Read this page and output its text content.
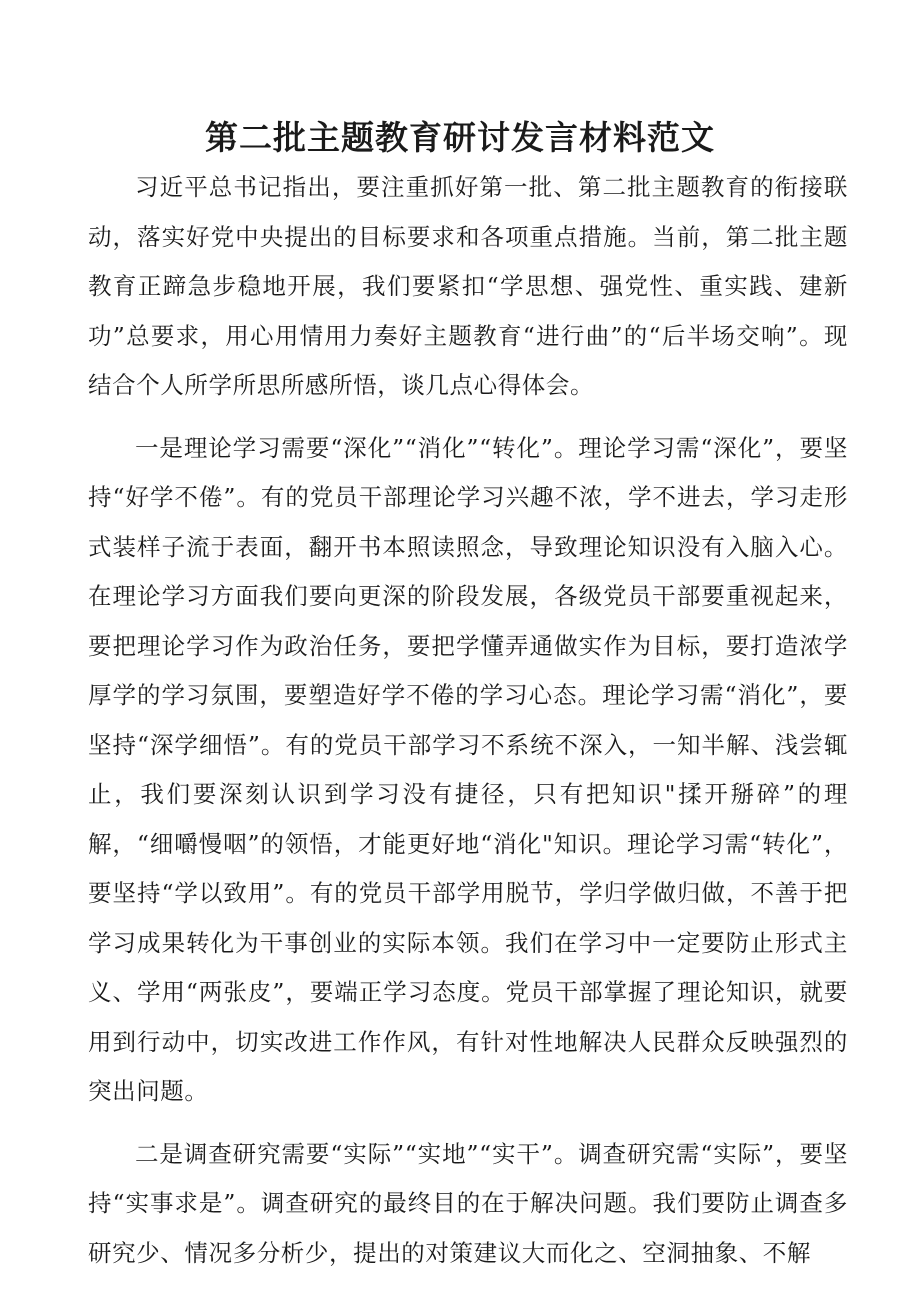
第二批主题教育研讨发言材料范文

习近平总书记指出，要注重抓好第一批、第二批主题教育的衔接联动，落实好党中央提出的目标要求和各项重点措施。当前，第二批主题教育正蹄急步稳地开展，我们要紧扣“学思想、强党性、重实践、建新功”总要求，用心用情用力奏好主题教育“进行曲”的“后半场交响”。现结合个人所学所思所感所悟，谈几点心得体会。

一是理论学习需要“深化”“消化”“转化”。理论学习需“深化”，要坚持“好学不倦”。有的党员干部理论学习兴趣不浓，学不进去，学习走形式装样子流于表面，翻开书本照读照念，导致理论知识没有入脑入心。在理论学习方面我们要向更深的阶段发展，各级党员干部要重视起来，要把理论学习作为政治任务，要把学懂弄通做实作为目标，要打造浓学厚学的学习氛围，要塑造好学不倦的学习心态。理论学习需“消化”，要坚持“深学细悟”。有的党员干部学习不系统不深入，一知半解、浅尝辄止，我们要深刻认识到学习没有捷径，只有把知识"揉开掰碎”的理解，“细嚼慢咽”的领悟，才能更好地“消化"知识。理论学习需“转化”，要坚持“学以致用”。有的党员干部学用脱节，学归学做归做，不善于把学习成果转化为干事创业的实际本领。我们在学习中一定要防止形式主义、学用“两张皮”，要端正学习态度。党员干部掌握了理论知识，就要用到行动中，切实改进工作作风，有针对性地解决人民群众反映强烈的突出问题。

二是调查研究需要“实际”“实地”“实干”。调查研究需“实际”，要坚持“实事求是”。调查研究的最终目的在于解决问题。我们要防止调查多研究少、情况多分析少，提出的对策建议大而化之、空洞抽象、不解
